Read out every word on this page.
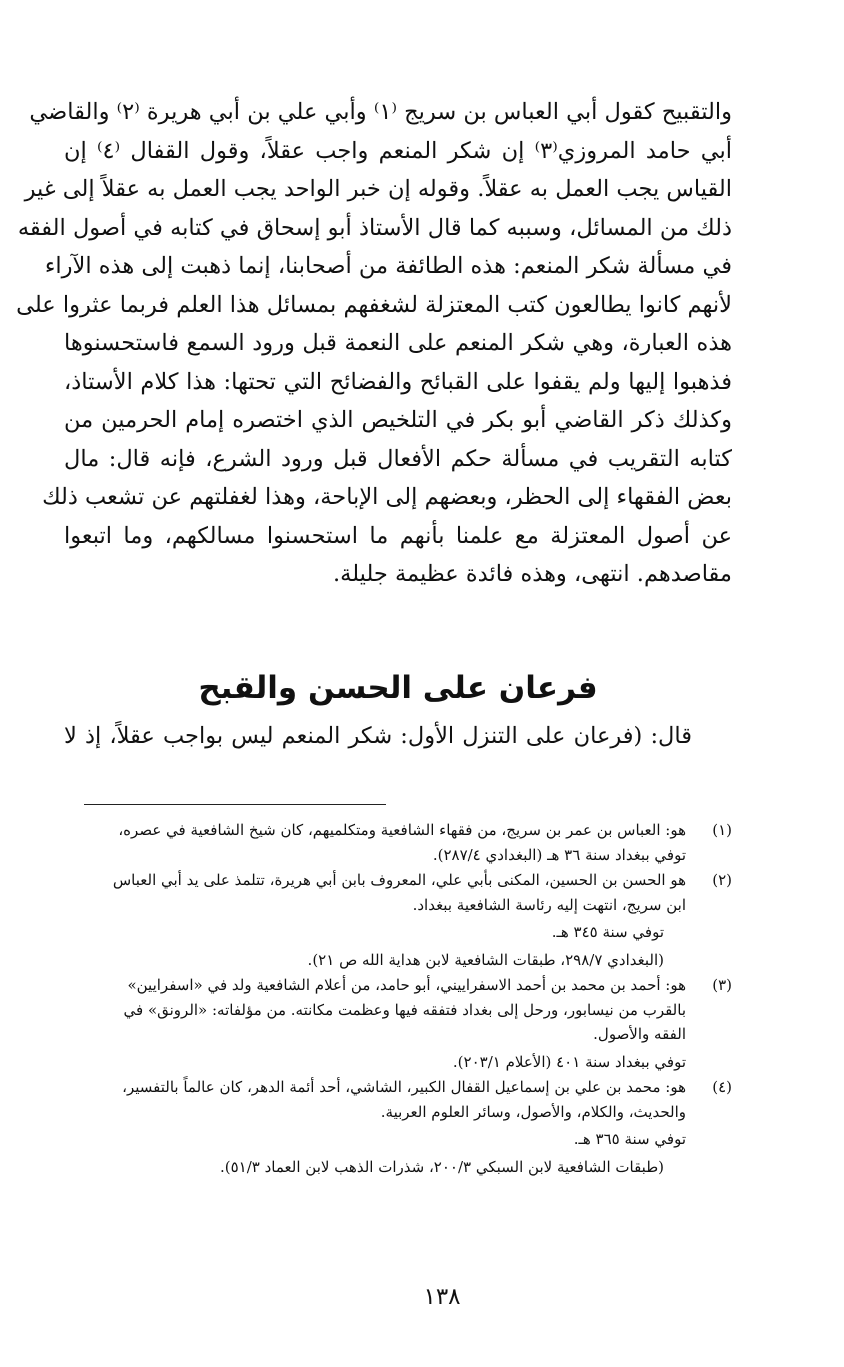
والتقبيح كقول أبي العباس بن سريج ⁽١⁾ وأبي علي بن أبي هريرة ⁽٢⁾ والقاضي
أبي حامد المروزي⁽٣⁾ إن شكر المنعم واجب عقلاً، وقول القفال ⁽٤⁾ إن
القياس يجب العمل به عقلاً. وقوله إن خبر الواحد يجب العمل به عقلاً إلى غير
ذلك من المسائل، وسببه كما قال الأستاذ أبو إسحاق في كتابه في أصول الفقه
في مسألة شكر المنعم: هذه الطائفة من أصحابنا، إنما ذهبت إلى هذه الآراء
لأنهم كانوا يطالعون كتب المعتزلة لشغفهم بمسائل هذا العلم فربما عثروا على
هذه العبارة، وهي شكر المنعم على النعمة قبل ورود السمع فاستحسنوها
فذهبوا إليها ولم يقفوا على القبائح والفضائح التي تحتها: هذا كلام الأستاذ،
وكذلك ذكر القاضي أبو بكر في التلخيص الذي اختصره إمام الحرمين من
كتابه التقريب في مسألة حكم الأفعال قبل ورود الشرع، فإنه قال: مال
بعض الفقهاء إلى الحظر، وبعضهم إلى الإباحة، وهذا لغفلتهم عن تشعب ذلك
عن أصول المعتزلة مع علمنا بأنهم ما استحسنوا مسالكهم، وما اتبعوا
مقاصدهم. انتهى، وهذه فائدة عظيمة جليلة.
فرعان على الحسن والقبح
قال: (فرعان على التنزل الأول: شكر المنعم ليس بواجب عقلاً، إذ لا
(١)
هو: العباس بن عمر بن سريج، من فقهاء الشافعية ومتكلميهم، كان شيخ الشافعية في عصره،
توفي ببغداد سنة ٣٦ هـ (البغدادي ٢٨٧/٤).
(٢)
هو الحسن بن الحسين، المكنى بأبي علي، المعروف بابن أبي هريرة، تتلمذ على يد أبي العباس
ابن سريج، انتهت إليه رئاسة الشافعية ببغداد.
توفي سنة ٣٤٥ هـ.
(البغدادي ٢٩٨/٧، طبقات الشافعية لابن هداية الله ص ٢١).
(٣)
هو: أحمد بن محمد بن أحمد الاسفراييني، أبو حامد، من أعلام الشافعية ولد في «اسفرايين»
بالقرب من نيسابور، ورحل إلى بغداد فتفقه فيها وعظمت مكانته. من مؤلفاته: «الرونق» في
الفقه والأصول.
توفي ببغداد سنة ٤٠١ (الأعلام ٢٠٣/١).
(٤)
هو: محمد بن علي بن إسماعيل القفال الكبير، الشاشي، أحد أئمة الدهر، كان عالماً بالتفسير،
والحديث، والكلام، والأصول، وسائر العلوم العربية.
توفي سنة ٣٦٥ هـ.
(طبقات الشافعية لابن السبكي ٢٠٠/٣، شذرات الذهب لابن العماد ٥١/٣).
١٣٨
